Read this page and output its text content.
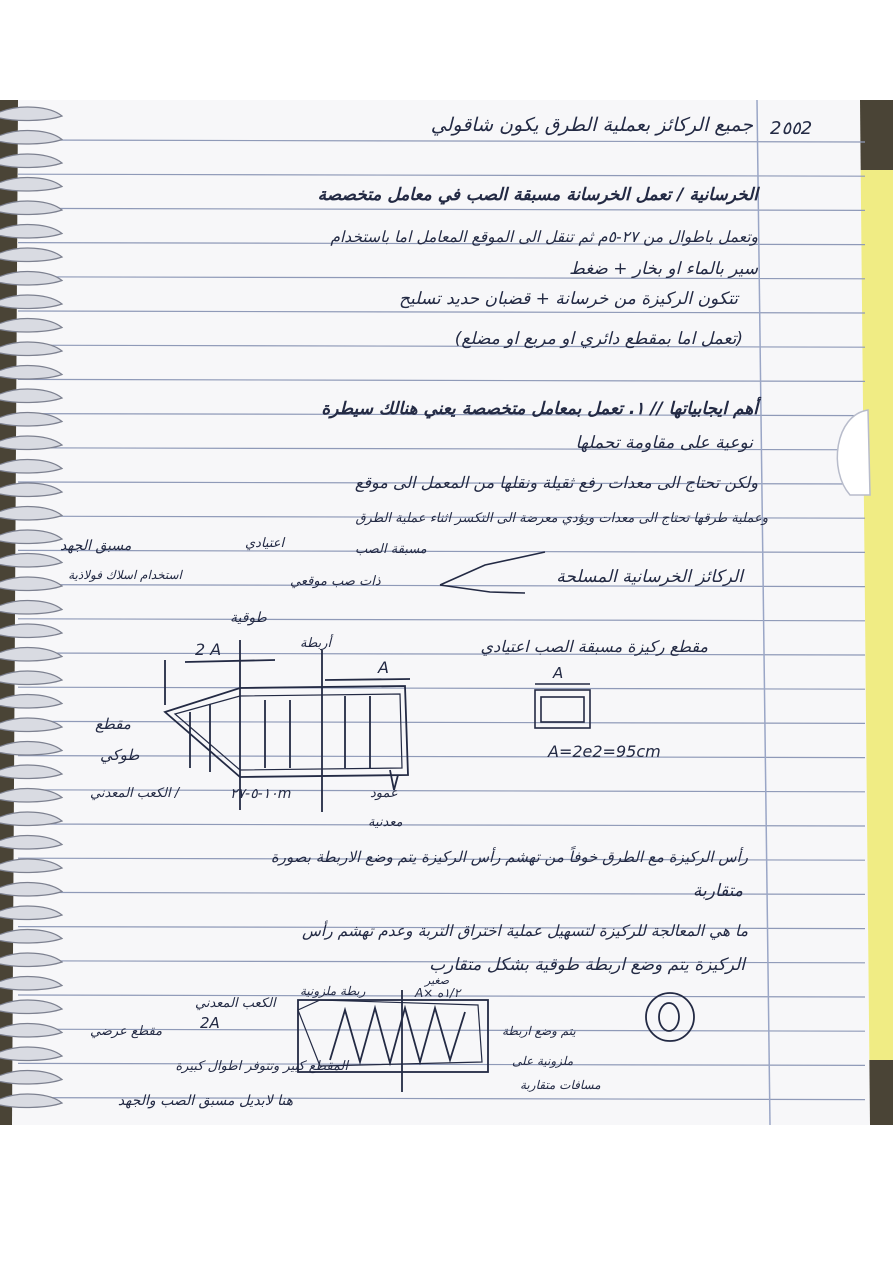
2٥٥2
جميع الركائز بعملية الطرق يكون شاقولي
الخرسانية / تعمل الخرسانة مسبقة الصب في معامل متخصصة
وتعمل باطوال من ٢٧-٥م ثم تنقل الى الموقع المعامل اما باستخدام
سير بالماء او بخار + ضغط
تتكون الركيزة من خرسانة + قضبان حديد تسليح
(تعمل اما بمقطع دائري او مربع او مضلع)
أهم ايجابياتها // ١. تعمل بمعامل متخصصة يعني هنالك سيطرة
نوعية على مقاومة تحملها
ولكن تحتاج الى معدات رفع ثقيلة ونقلها من المعمل الى موقع
وعملية طرقها تحتاج الى معدات ويؤدي معرضة الى التكسر اثناء عملية الطرق
مسبقة الصب
اعتيادي
مسبق الجهد
الركائز الخرسانية المسلحة
ذات صب موقعي
استخدام اسلاك فولاذية
طوقية
مقطع ركيزة مسبقة الصب اعتيادي
أربطة
2 A
A
مقطع
طوكي
١٠-٥-٢٧m
/ الكعب المعدني	عمود
معدنية
A
A=2e2=95cm
رأس الركيزة مع الطرق خوفاً من تهشم رأس الركيزة يتم وضع الاربطة بصورة
متقاربة
ما هي المعالجة للركيزة لتسهيل عملية اختراق التربة وعدم تهشم رأس
الركيزة يتم وضع اربطة طوقية بشكل متقارب
ربطة ملزونية
صغير
١/٢ه ×A
الكعب المعدني
2A
مقطع عرضي	يتم وضع اربطة
ملزونية على
مسافات متقاربة
المقطع كبير وتتوفر اطوال كبيرة
هنا لابديل مسبق الصب والجهد
